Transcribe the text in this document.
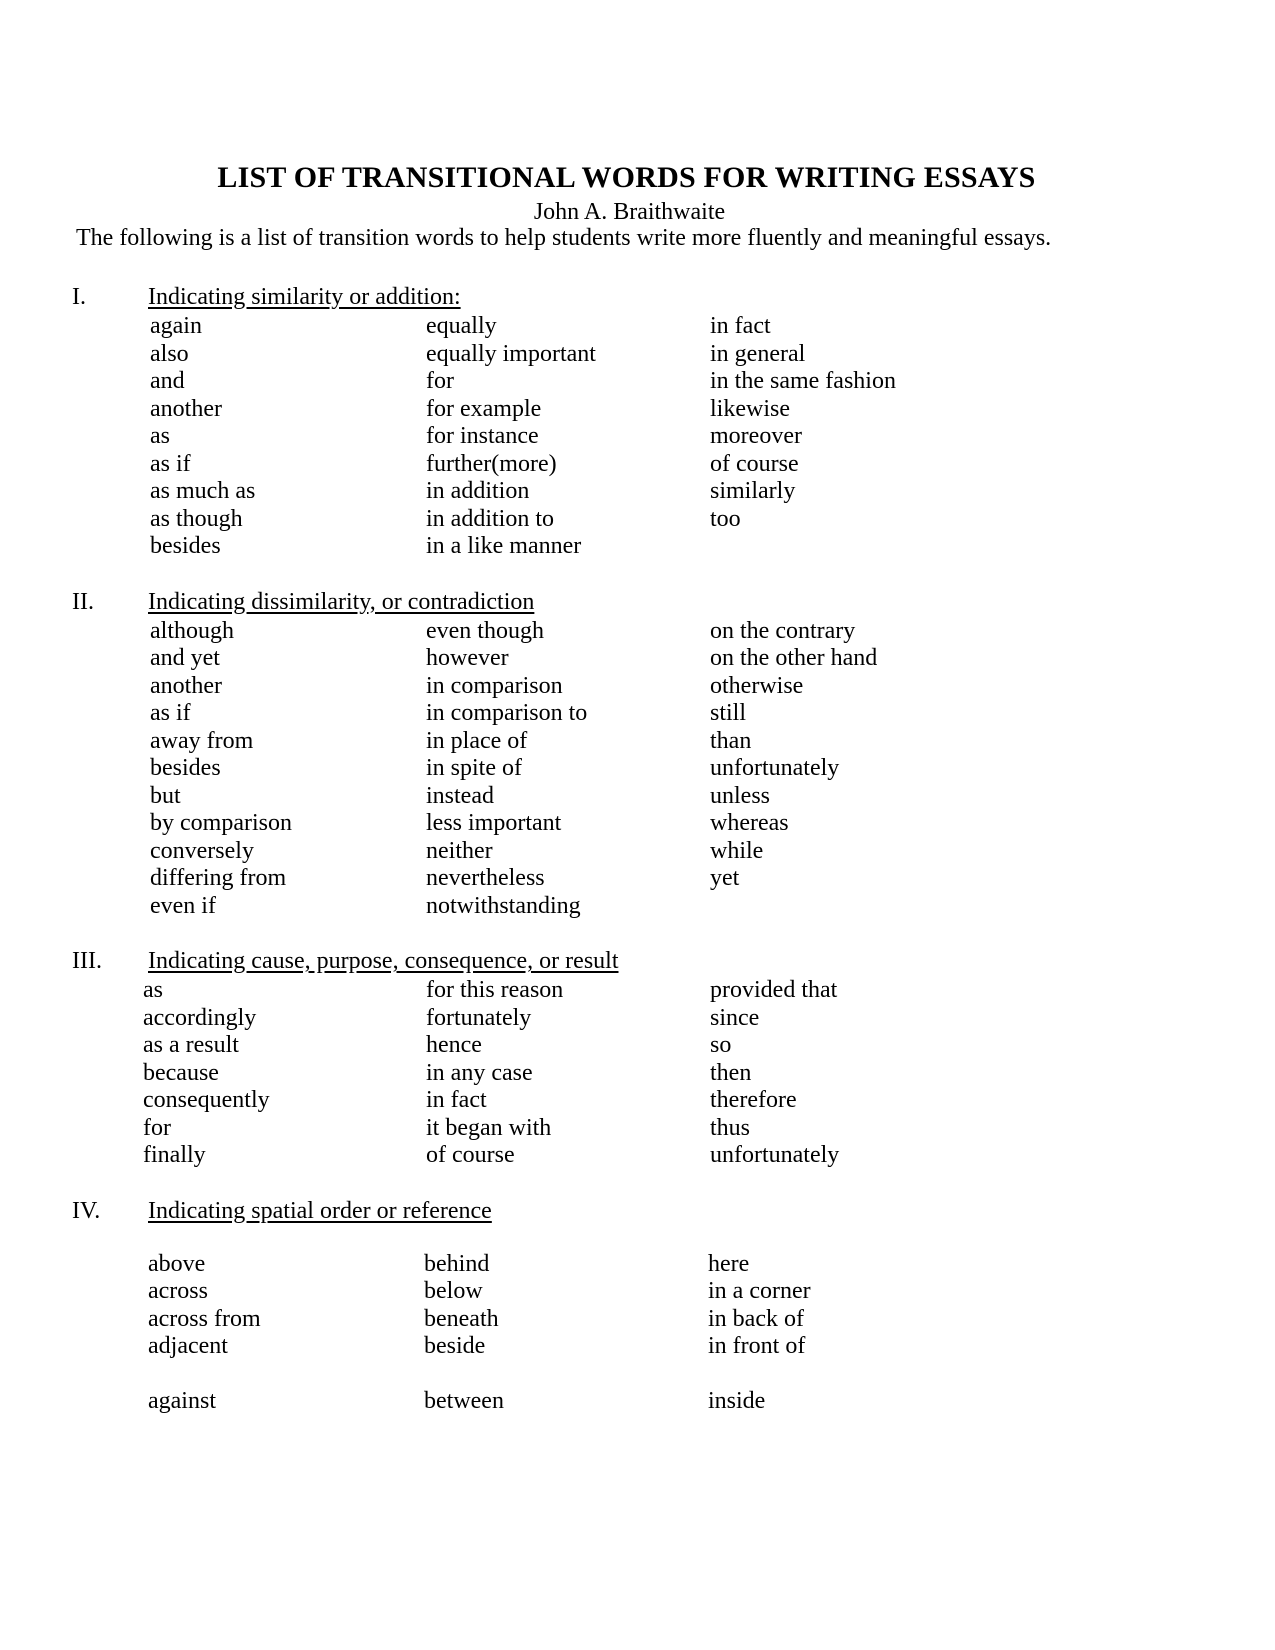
LIST OF TRANSITIONAL WORDS FOR WRITING ESSAYS
John A. Braithwaite
The following is a list of transition words to help students write more fluently and meaningful essays.
I.	Indicating similarity or addition:
again	equally	in fact
also	equally important	in general
and	for	in the same fashion
another	for example	likewise
as	for instance	moreover
as if	further(more)	of course
as much as	in addition	similarly
as though	in addition to	too
besides	in a like manner
II. Indicating dissimilarity, or contradiction
although	even though	on the contrary
and yet	however	on the other hand
another	in comparison	otherwise
as if	in comparison to	still
away from	in place of	than
besides	in spite of	unfortunately
but	instead	unless
by comparison	less important	whereas
conversely	neither	while
differing from	nevertheless	yet
even if	notwithstanding
III. Indicating cause, purpose, consequence, or result
as	for this reason	provided that
accordingly	fortunately	since
as a result	hence	so
because	in any case	then
consequently	in fact	therefore
for	it began with	thus
finally	of course	unfortunately
IV. Indicating spatial order or reference
above	behind	here
across	below	in a corner
across from	beneath	in back of
adjacent	beside	in front of
against	between	inside
